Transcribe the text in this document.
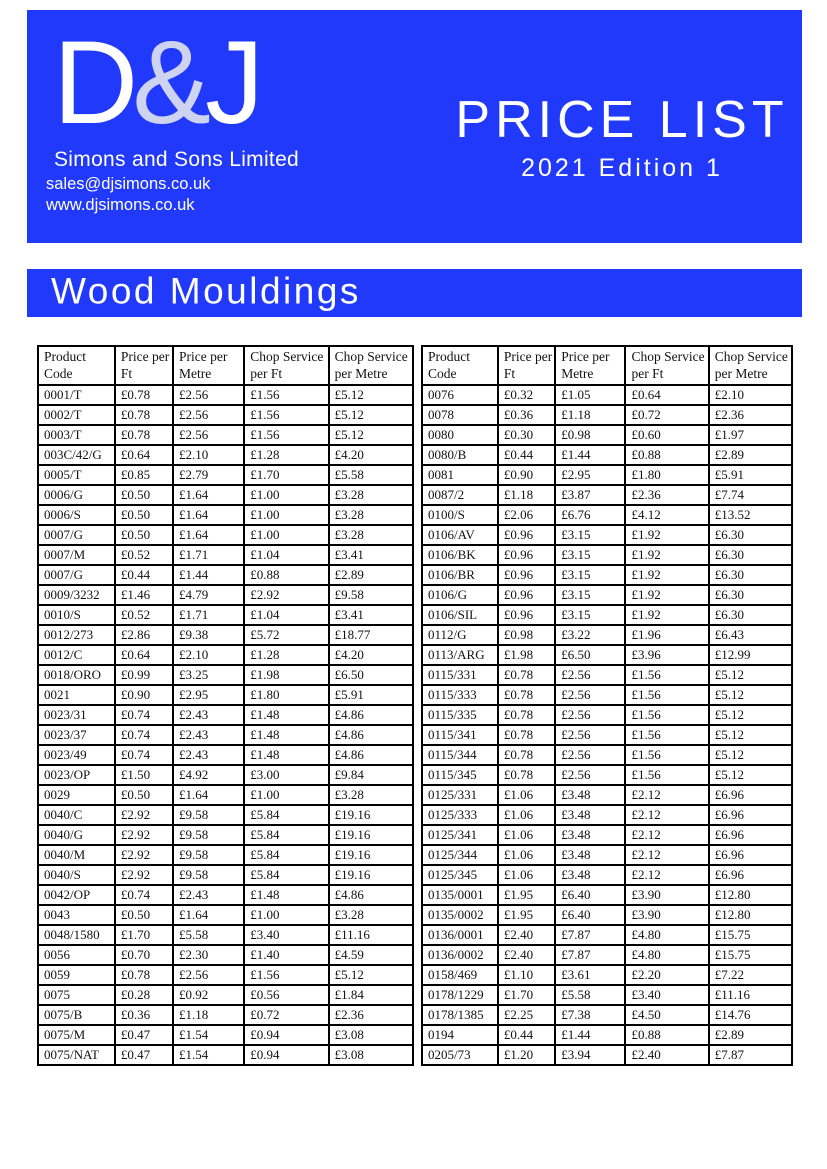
D&J
Simons and Sons Limited
sales@djsimons.co.uk
www.djsimons.co.uk
PRICE LIST
2021 Edition 1
Wood Mouldings
Product Code	Price per Ft	Price per Metre	Chop Service per Ft	Chop Service per Metre
0001/T	£0.78	£2.56	£1.56	£5.12
0002/T	£0.78	£2.56	£1.56	£5.12
0003/T	£0.78	£2.56	£1.56	£5.12
003C/42/G	£0.64	£2.10	£1.28	£4.20
0005/T	£0.85	£2.79	£1.70	£5.58
0006/G	£0.50	£1.64	£1.00	£3.28
0006/S	£0.50	£1.64	£1.00	£3.28
0007/G	£0.50	£1.64	£1.00	£3.28
0007/M	£0.52	£1.71	£1.04	£3.41
0007/G	£0.44	£1.44	£0.88	£2.89
0009/3232	£1.46	£4.79	£2.92	£9.58
0010/S	£0.52	£1.71	£1.04	£3.41
0012/273	£2.86	£9.38	£5.72	£18.77
0012/C	£0.64	£2.10	£1.28	£4.20
0018/ORO	£0.99	£3.25	£1.98	£6.50
0021	£0.90	£2.95	£1.80	£5.91
0023/31	£0.74	£2.43	£1.48	£4.86
0023/37	£0.74	£2.43	£1.48	£4.86
0023/49	£0.74	£2.43	£1.48	£4.86
0023/OP	£1.50	£4.92	£3.00	£9.84
0029	£0.50	£1.64	£1.00	£3.28
0040/C	£2.92	£9.58	£5.84	£19.16
0040/G	£2.92	£9.58	£5.84	£19.16
0040/M	£2.92	£9.58	£5.84	£19.16
0040/S	£2.92	£9.58	£5.84	£19.16
0042/OP	£0.74	£2.43	£1.48	£4.86
0043	£0.50	£1.64	£1.00	£3.28
0048/1580	£1.70	£5.58	£3.40	£11.16
0056	£0.70	£2.30	£1.40	£4.59
0059	£0.78	£2.56	£1.56	£5.12
0075	£0.28	£0.92	£0.56	£1.84
0075/B	£0.36	£1.18	£0.72	£2.36
0075/M	£0.47	£1.54	£0.94	£3.08
0075/NAT	£0.47	£1.54	£0.94	£3.08
Product Code	Price per Ft	Price per Metre	Chop Service per Ft	Chop Service per Metre
0076	£0.32	£1.05	£0.64	£2.10
0078	£0.36	£1.18	£0.72	£2.36
0080	£0.30	£0.98	£0.60	£1.97
0080/B	£0.44	£1.44	£0.88	£2.89
0081	£0.90	£2.95	£1.80	£5.91
0087/2	£1.18	£3.87	£2.36	£7.74
0100/S	£2.06	£6.76	£4.12	£13.52
0106/AV	£0.96	£3.15	£1.92	£6.30
0106/BK	£0.96	£3.15	£1.92	£6.30
0106/BR	£0.96	£3.15	£1.92	£6.30
0106/G	£0.96	£3.15	£1.92	£6.30
0106/SIL	£0.96	£3.15	£1.92	£6.30
0112/G	£0.98	£3.22	£1.96	£6.43
0113/ARG	£1.98	£6.50	£3.96	£12.99
0115/331	£0.78	£2.56	£1.56	£5.12
0115/333	£0.78	£2.56	£1.56	£5.12
0115/335	£0.78	£2.56	£1.56	£5.12
0115/341	£0.78	£2.56	£1.56	£5.12
0115/344	£0.78	£2.56	£1.56	£5.12
0115/345	£0.78	£2.56	£1.56	£5.12
0125/331	£1.06	£3.48	£2.12	£6.96
0125/333	£1.06	£3.48	£2.12	£6.96
0125/341	£1.06	£3.48	£2.12	£6.96
0125/344	£1.06	£3.48	£2.12	£6.96
0125/345	£1.06	£3.48	£2.12	£6.96
0135/0001	£1.95	£6.40	£3.90	£12.80
0135/0002	£1.95	£6.40	£3.90	£12.80
0136/0001	£2.40	£7.87	£4.80	£15.75
0136/0002	£2.40	£7.87	£4.80	£15.75
0158/469	£1.10	£3.61	£2.20	£7.22
0178/1229	£1.70	£5.58	£3.40	£11.16
0178/1385	£2.25	£7.38	£4.50	£14.76
0194	£0.44	£1.44	£0.88	£2.89
0205/73	£1.20	£3.94	£2.40	£7.87
